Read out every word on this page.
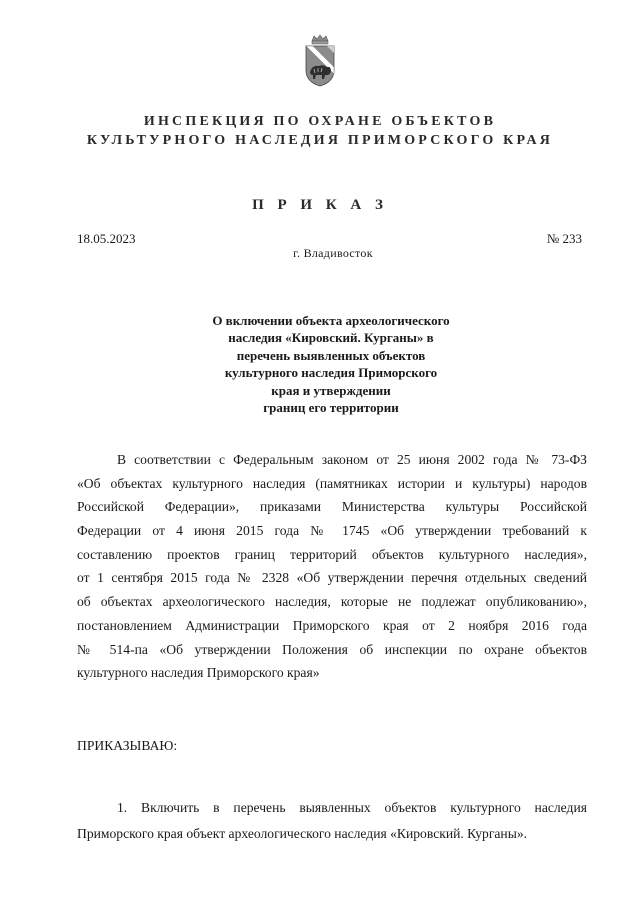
ИНСПЕКЦИЯ ПО ОХРАНЕ ОБЪЕКТОВ
КУЛЬТУРНОГО НАСЛЕДИЯ ПРИМОРСКОГО КРАЯ
П Р И К А З
18.05.2023	№ 233
г. Владивосток
О включении объекта археологического
наследия «Кировский. Курганы» в
перечень выявленных объектов
культурного наследия Приморского
края и утверждении
границ его территории
В соответствии с Федеральным законом от 25 июня 2002 года № 73-ФЗ
«Об объектах культурного наследия (памятниках истории и культуры) народов
Российской Федерации», приказами Министерства культуры Российской
Федерации от 4 июня 2015 года № 1745 «Об утверждении требований к
составлению проектов границ территорий объектов культурного наследия»,
от 1 сентября 2015 года № 2328 «Об утверждении перечня отдельных сведений
об объектах археологического наследия, которые не подлежат опубликованию»,
постановлением Администрации Приморского края от 2 ноября 2016 года
№ 514-па «Об утверждении Положения об инспекции по охране объектов
культурного наследия Приморского края»
ПРИКАЗЫВАЮ:
1. Включить в перечень выявленных объектов культурного наследия
Приморского края объект археологического наследия «Кировский. Курганы».
